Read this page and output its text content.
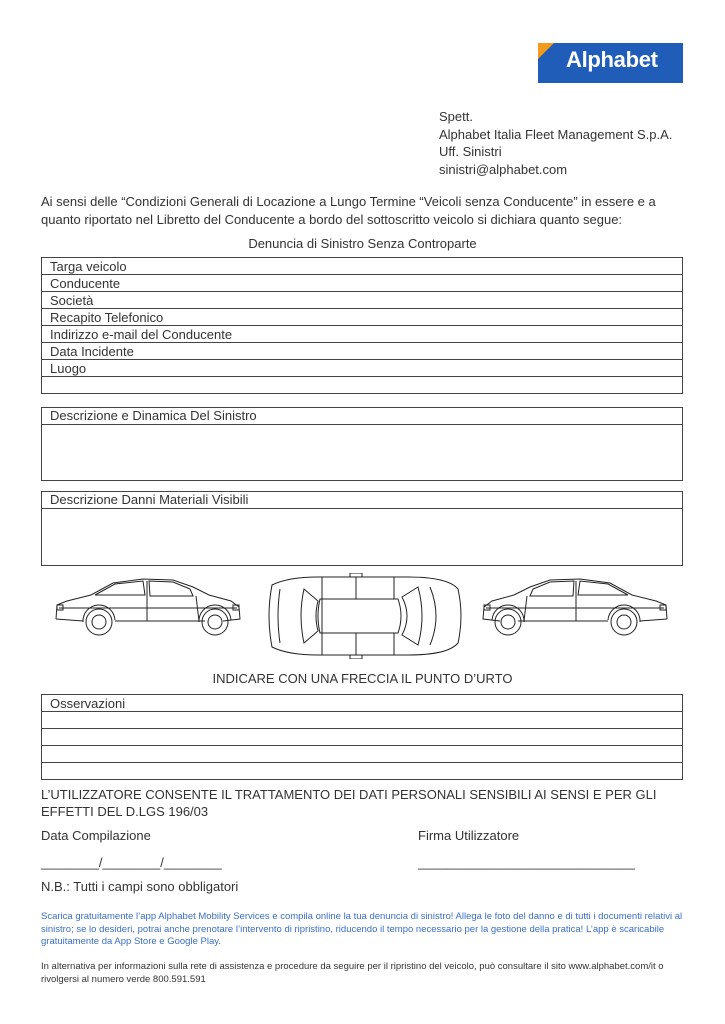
Alphabet
Spett.
Alphabet Italia Fleet Management S.p.A.
Uff. Sinistri
sinistri@alphabet.com
Ai sensi delle “Condizioni Generali di Locazione a Lungo Termine “Veicoli senza Conducente” in essere e a quanto riportato nel Libretto del Conducente a bordo del sottoscritto veicolo si dichiara quanto segue:
Denuncia di Sinistro Senza Controparte
Targa veicolo
Conducente
Società
Recapito Telefonico
Indirizzo e-mail del Conducente
Data Incidente
Luogo

Descrizione e Dinamica Del Sinistro
Descrizione Danni Materiali Visibili
INDICARE CON UNA FRECCIA IL PUNTO D’URTO
Osservazioni

L’UTILIZZATORE CONSENTE IL TRATTAMENTO DEI DATI PERSONALI SENSIBILI AI SENSI E PER GLI EFFETTI DEL D.LGS 196/03
Data Compilazione	Firma Utilizzatore
________/________/________	______________________________
N.B.: Tutti i campi sono obbligatori
Scarica gratuitamente l’app Alphabet Mobility Services e compila online la tua denuncia di sinistro! Allega le foto del danno e di tutti i documenti relativi al sinistro; se lo desideri, potrai anche prenotare l’intervento di ripristino, riducendo il tempo necessario per la gestione della pratica! L’app è scaricabile gratuitamente da App Store e Google Play.
In alternativa per informazioni sulla rete di assistenza e procedure da seguire per il ripristino del veicolo, può consultare il sito www.alphabet.com/it o rivolgersi al numero verde 800.591.591
